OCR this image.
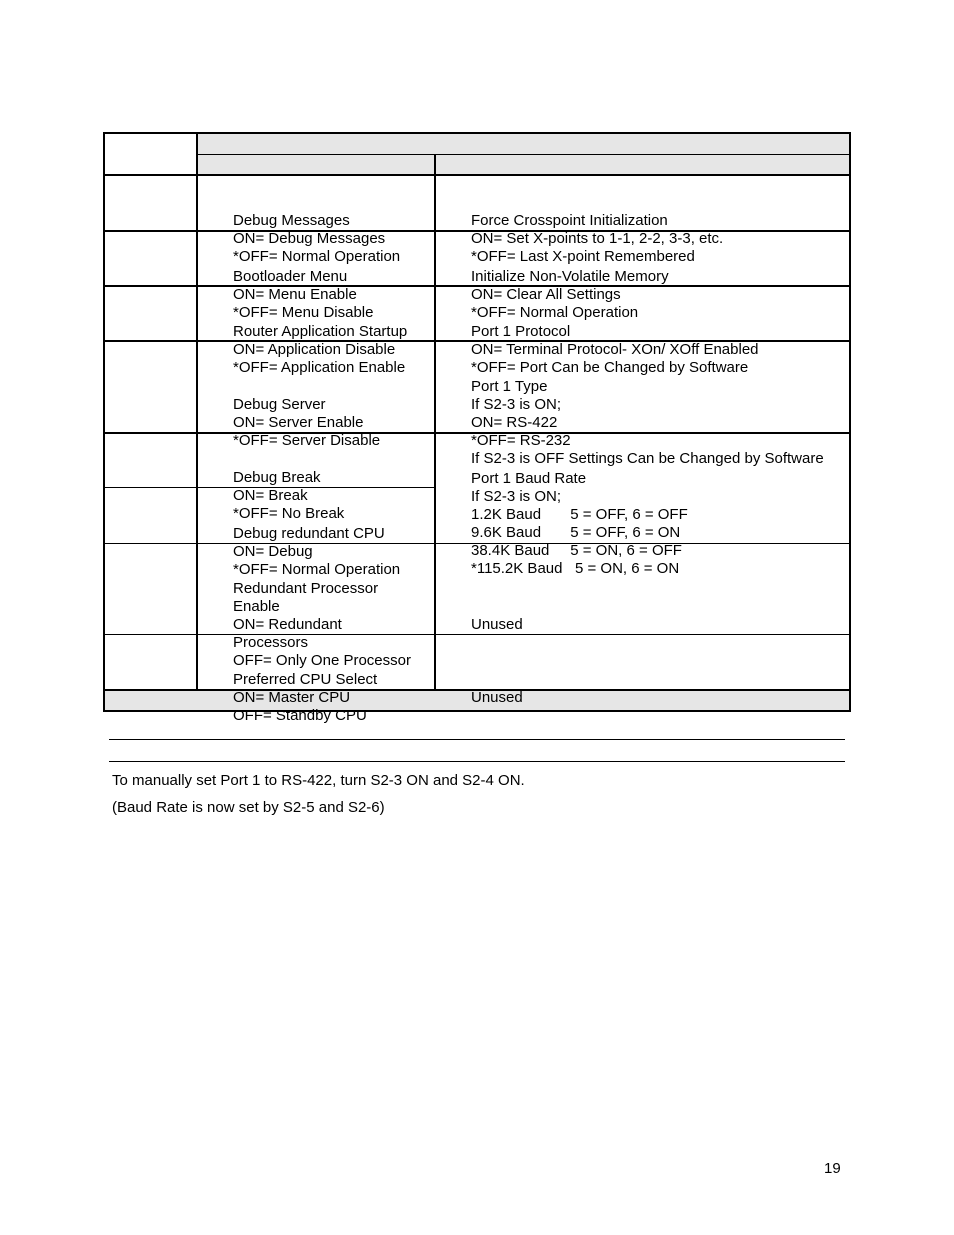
Debug Messages
ON= Debug Messages
*OFF= Normal Operation

Force Crosspoint Initialization
ON= Set X-points to 1-1, 2-2, 3-3, etc.
*OFF= Last X-point Remembered

Bootloader Menu
ON= Menu Enable
*OFF= Menu Disable

Initialize Non-Volatile Memory
ON= Clear All Settings
*OFF= Normal Operation

Router Application Startup
ON= Application Disable
*OFF= Application Enable

Port 1 Protocol
ON= Terminal Protocol- XOn/ XOff Enabled
*OFF= Port Can be Changed by Software

Debug Server
ON= Server Enable
*OFF= Server Disable

Port 1 Type
If S2-3 is ON;
ON= RS-422
*OFF= RS-232
If S2-3 is OFF Settings Can be Changed by Software

Debug Break
ON= Break
*OFF= No Break

Debug redundant CPU
ON= Debug
*OFF= Normal Operation

Port 1 Baud Rate
If S2-3 is ON;
1.2K Baud       5 = OFF, 6 = OFF
9.6K Baud       5 = OFF, 6 = ON
38.4K Baud     5 = ON, 6 = OFF
*115.2K Baud   5 = ON, 6 = ON

Redundant Processor
Enable
ON= Redundant
Processors
OFF= Only One Processor

Unused

Preferred CPU Select
ON= Master CPU
OFF= Standby CPU

Unused

To manually set Port 1 to RS-422, turn S2-3 ON and S2-4 ON.
(Baud Rate is now set by S2-5 and S2-6)
19
